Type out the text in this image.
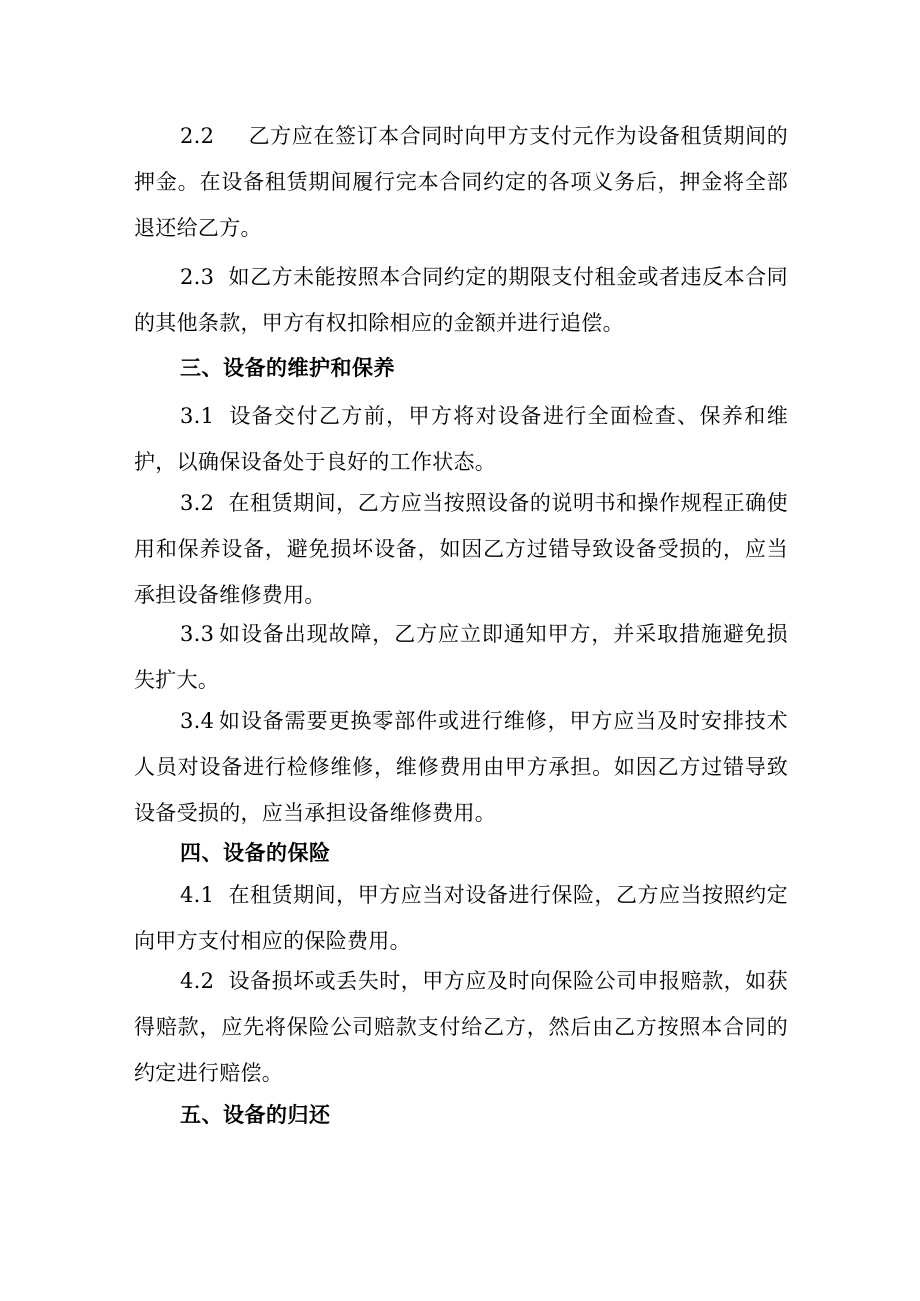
2.2 乙方应在签订本合同时向甲方支付元作为设备租赁期间的押金。在设备租赁期间履行完本合同约定的各项义务后，押金将全部退还给乙方。

2.3 如乙方未能按照本合同约定的期限支付租金或者违反本合同的其他条款，甲方有权扣除相应的金额并进行追偿。

三、设备的维护和保养

3.1 设备交付乙方前，甲方将对设备进行全面检查、保养和维护，以确保设备处于良好的工作状态。

3.2 在租赁期间，乙方应当按照设备的说明书和操作规程正确使用和保养设备，避免损坏设备，如因乙方过错导致设备受损的，应当承担设备维修费用。

3.3 如设备出现故障，乙方应立即通知甲方，并采取措施避免损失扩大。

3.4 如设备需要更换零部件或进行维修，甲方应当及时安排技术人员对设备进行检修维修，维修费用由甲方承担。如因乙方过错导致设备受损的，应当承担设备维修费用。

四、设备的保险

4.1 在租赁期间，甲方应当对设备进行保险，乙方应当按照约定向甲方支付相应的保险费用。

4.2 设备损坏或丢失时，甲方应及时向保险公司申报赔款，如获得赔款，应先将保险公司赔款支付给乙方，然后由乙方按照本合同的约定进行赔偿。

五、设备的归还
